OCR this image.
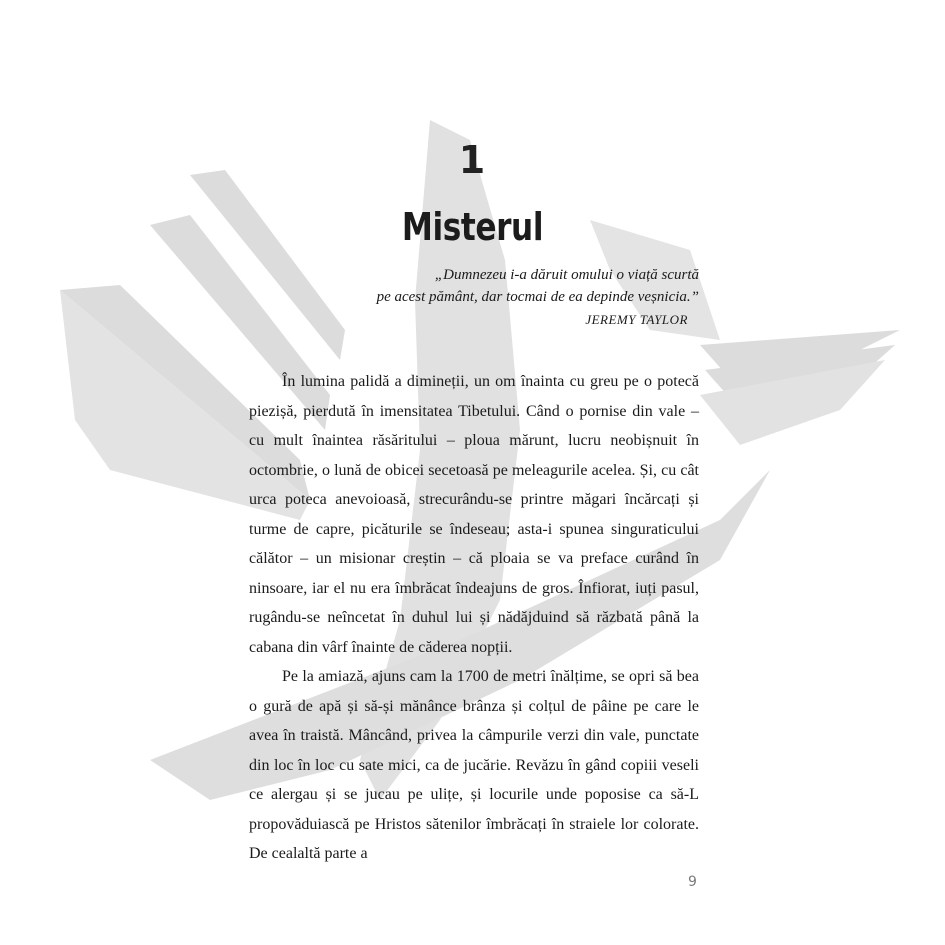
1
Misterul
„Dumnezeu i-a dăruit omului o viață scurtă
pe acest pământ, dar tocmai de ea depinde veșnicia.”
JEREMY TAYLOR

În lumina palidă a dimineții, un om înainta cu greu pe o potecă piezișă, pierdută în imensitatea Tibetului. Când o pornise din vale – cu mult înaintea răsăritului – ploua mărunt, lucru neobișnuit în octombrie, o lună de obicei secetoasă pe meleagurile acelea. Și, cu cât urca poteca anevoioasă, strecurându-se printre măgari încărcați și turme de capre, picăturile se îndeseau; asta-i spunea singuraticului călător – un misionar creștin – că ploaia se va preface curând în ninsoare, iar el nu era îmbrăcat îndeajuns de gros. Înfiorat, iuți pasul, rugându-se neîncetat în duhul lui și nădăjduind să răzbată până la cabana din vârf înainte de căderea nopții.

Pe la amiază, ajuns cam la 1700 de metri înălțime, se opri să bea o gură de apă și să-și mănânce brânza și colțul de pâine pe care le avea în traistă. Mâncând, privea la câmpurile verzi din vale, punctate din loc în loc cu sate mici, ca de jucărie. Revăzu în gând copiii veseli ce alergau și se jucau pe ulițe, și locurile unde poposise ca să-L propovăduiască pe Hristos sătenilor îmbrăcați în straiele lor colorate. De cealaltă parte a

9
